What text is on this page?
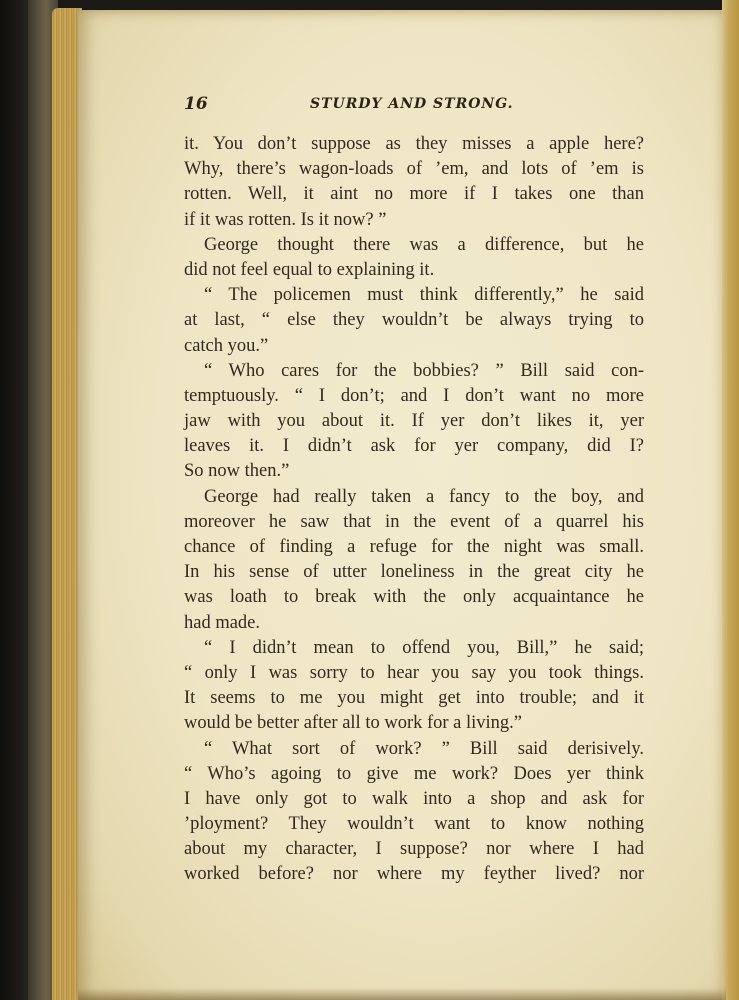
16	STURDY AND STRONG.
it. You don’t suppose as they misses a apple here?
Why, there’s wagon-loads of ’em, and lots of ’em is
rotten. Well, it aint no more if I takes one than
if it was rotten. Is it now? ”
George thought there was a difference, but he
did not feel equal to explaining it.
“ The policemen must think differently,” he said
at last, “ else they wouldn’t be always trying to
catch you.”
“ Who cares for the bobbies? ” Bill said con-
temptuously. “ I don’t; and I don’t want no more
jaw with you about it. If yer don’t likes it, yer
leaves it. I didn’t ask for yer company, did I?
So now then.”
George had really taken a fancy to the boy, and
moreover he saw that in the event of a quarrel his
chance of finding a refuge for the night was small.
In his sense of utter loneliness in the great city he
was loath to break with the only acquaintance he
had made.
“ I didn’t mean to offend you, Bill,” he said;
“ only I was sorry to hear you say you took things.
It seems to me you might get into trouble; and it
would be better after all to work for a living.”
“ What sort of work? ” Bill said derisively.
“ Who’s agoing to give me work? Does yer think
I have only got to walk into a shop and ask for
’ployment? They wouldn’t want to know nothing
about my character, I suppose? nor where I had
worked before? nor where my feyther lived? nor
